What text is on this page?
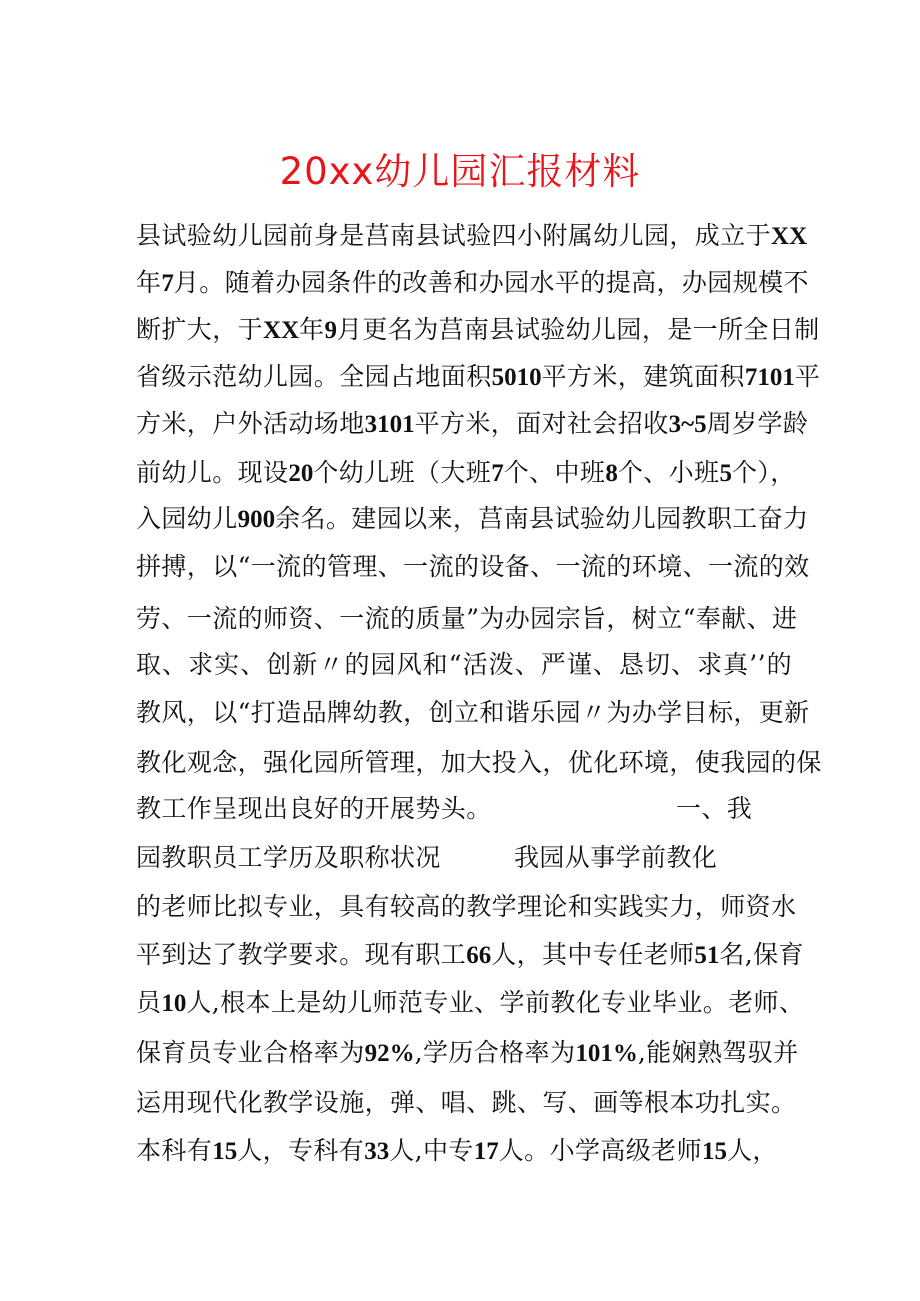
20xx幼儿园汇报材料
县试验幼儿园前身是莒南县试验四小附属幼儿园，成立于XX
年7月。随着办园条件的改善和办园水平的提高，办园规模不
断扩大，于XX年9月更名为莒南县试验幼儿园，是一所全日制
省级示范幼儿园。全园占地面积5010平方米，建筑面积7101平
方米，户外活动场地3101平方米，面对社会招收3~5周岁学龄
前幼儿。现设20个幼儿班（大班7个、中班8个、小班5个），
入园幼儿900余名。建园以来，莒南县试验幼儿园教职工奋力
拼搏，以“一流的管理、一流的设备、一流的环境、一流的效
劳、一流的师资、一流的质量”为办园宗旨，树立“奉献、进
取、求实、创新〃的园风和“活泼、严谨、恳切、求真’’的
教风，以“打造品牌幼教，创立和谐乐园〃为办学目标，更新
教化观念，强化园所管理，加大投入，优化环境，使我园的保
教工作呈现出良好的开展势头。	一、我
园教职员工学历及职称状况	我园从事学前教化
的老师比拟专业，具有较高的教学理论和实践实力，师资水
平到达了教学要求。现有职工66人，其中专任老师51名,保育
员10人,根本上是幼儿师范专业、学前教化专业毕业。老师、
保育员专业合格率为92%,学历合格率为101%,能娴熟驾驭并
运用现代化教学设施，弹、唱、跳、写、画等根本功扎实。
本科有15人，专科有33人,中专17人。小学高级老师15人，
